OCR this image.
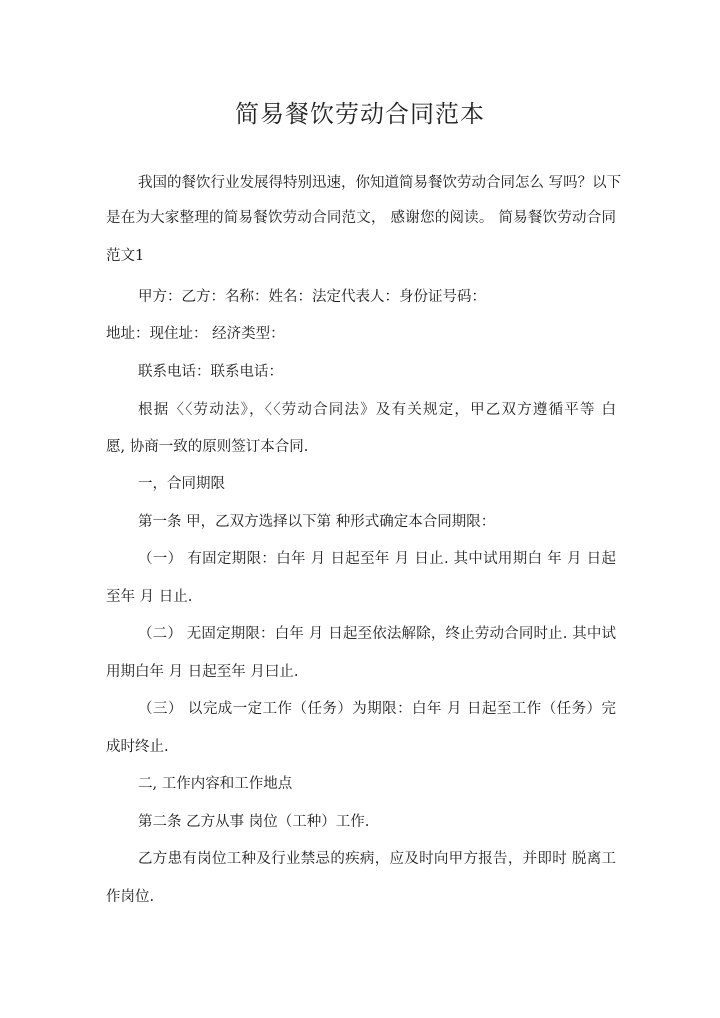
简易餐饮劳动合同范本
我国的餐饮行业发展得特别迅速，你知道简易餐饮劳动合同怎么 写吗？以下
是在为大家整理的简易餐饮劳动合同范文， 感谢您的阅读。 简易餐饮劳动合同
范文1
甲方：乙方：名称：姓名：法定代表人：身份证号码：
地址：现住址： 经济类型：
联系电话：联系电话：
根据〈〈劳动法》，〈〈劳动合同法》及有关规定，甲乙双方遵循平等 白
愿, 协商一致的原则签订本合同.
一，合同期限
第一条 甲，乙双方选择以下第 种形式确定本合同期限：
（一） 有固定期限：白年 月 日起至年 月 日止. 其中试用期白 年 月 日起
至年 月 日止.
（二） 无固定期限：白年 月 日起至依法解除，终止劳动合同时止. 其中试
用期白年 月 日起至年 月曰止.
（三） 以完成一定工作（任务）为期限：白年 月 日起至工作（任务）完
成时终止.
二, 工作内容和工作地点
第二条 乙方从事 岗位（工种）工作.
乙方患有岗位工种及行业禁忌的疾病，应及时向甲方报告，并即时 脱离工
作岗位.
